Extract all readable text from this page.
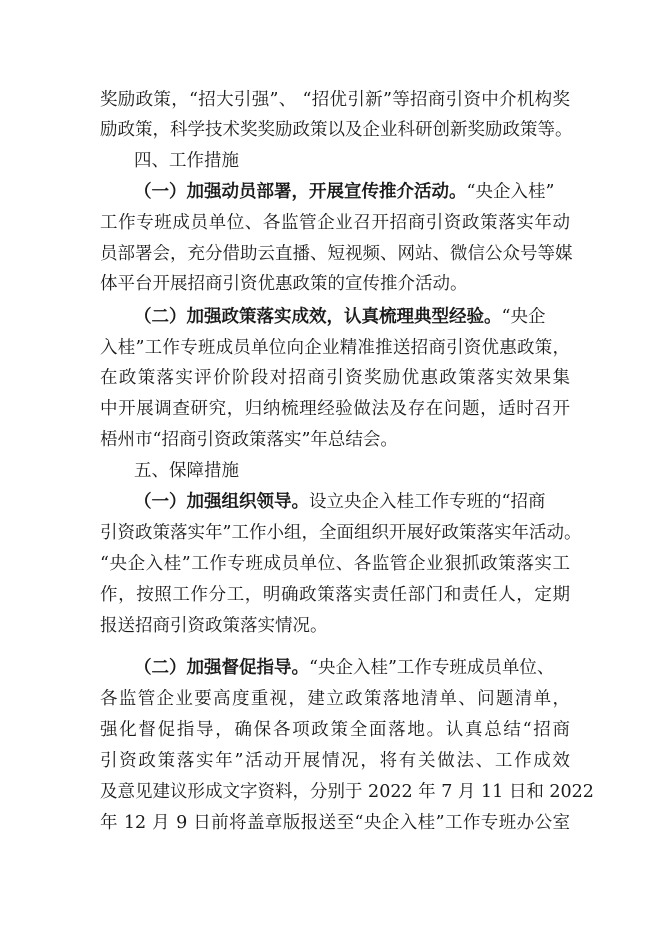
奖励政策，“招大引强”、 “招优引新”等招商引资中介机构奖
励政策，科学技术奖奖励政策以及企业科研创新奖励政策等。
四、工作措施
（一）加强动员部署，开展宣传推介活动。“央企入桂”
工作专班成员单位、各监管企业召开招商引资政策落实年动
员部署会，充分借助云直播、短视频、网站、微信公众号等媒
体平台开展招商引资优惠政策的宣传推介活动。
（二）加强政策落实成效，认真梳理典型经验。“央企
入桂”工作专班成员单位向企业精准推送招商引资优惠政策，
在政策落实评价阶段对招商引资奖励优惠政策落实效果集
中开展调查研究，归纳梳理经验做法及存在问题，适时召开
梧州市“招商引资政策落实”年总结会。
五、保障措施
（一）加强组织领导。设立央企入桂工作专班的“招商
引资政策落实年”工作小组，全面组织开展好政策落实年活动。
“央企入桂”工作专班成员单位、各监管企业狠抓政策落实工
作，按照工作分工，明确政策落实责任部门和责任人，定期
报送招商引资政策落实情况。
（二）加强督促指导。“央企入桂”工作专班成员单位、
各监管企业要高度重视，建立政策落地清单、问题清单，
强化督促指导，确保各项政策全面落地。认真总结“招商
引资政策落实年”活动开展情况，将有关做法、工作成效
及意见建议形成文字资料，分别于 2022 年 7 月 11 日和 2022
年 12 月 9 日前将盖章版报送至“央企入桂”工作专班办公室
